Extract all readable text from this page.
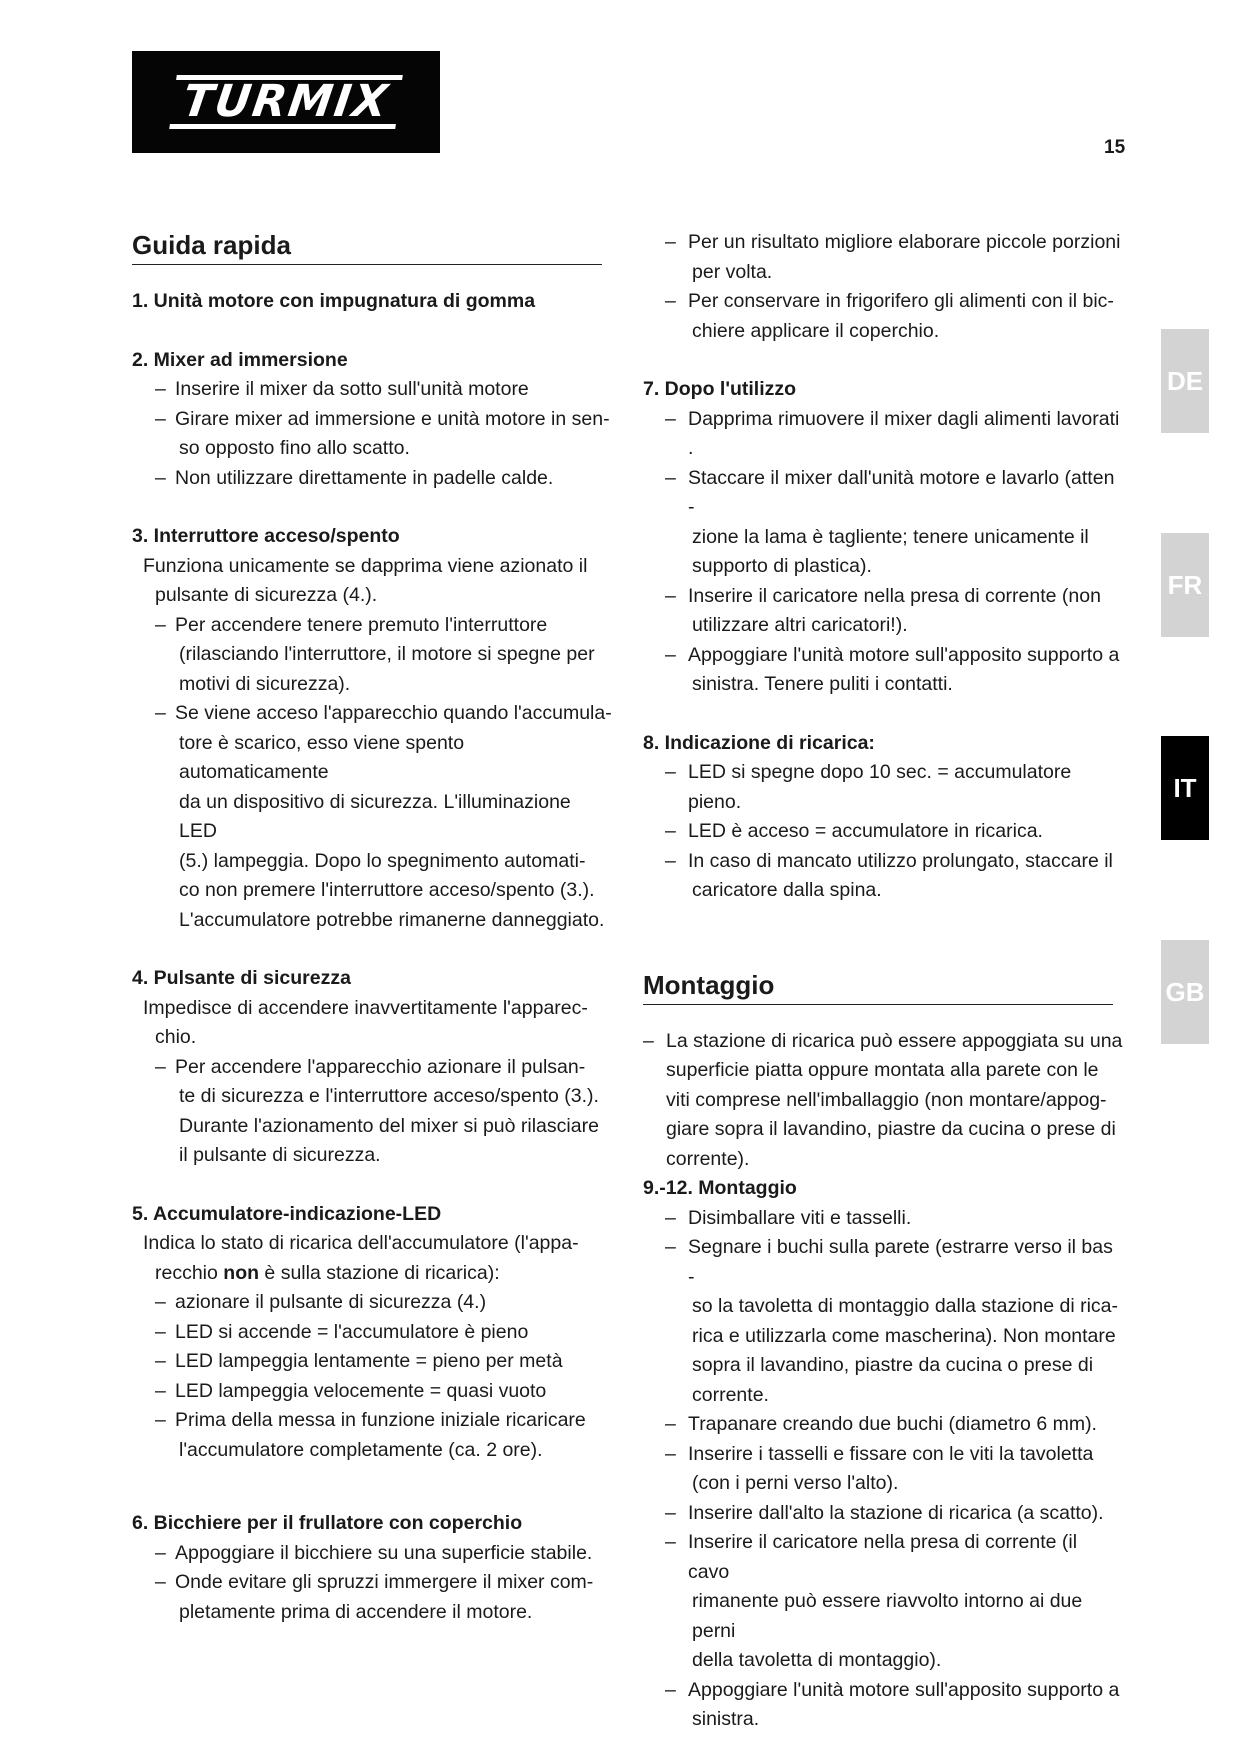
TURMIX
15
DE
FR
IT
GB
Guida rapida
1. Unità motore con impugnatura di gomma
2. Mixer ad immersione
– Inserire il mixer da sotto sull'unità motore
– Girare mixer ad immersione e unità motore in sen-
so opposto fino allo scatto.
– Non utilizzare direttamente in padelle calde.
3. Interruttore acceso/spento
Funziona unicamente se dapprima viene azionato il
pulsante di sicurezza (4.).
– Per accendere tenere premuto l'interruttore
(rilasciando l'interruttore, il motore si spegne per
motivi di sicurezza).
– Se viene acceso l'apparecchio quando l'accumula-
tore è scarico, esso viene spento automaticamente
da un dispositivo di sicurezza. L'illuminazione LED
(5.) lampeggia. Dopo lo spegnimento automati-
co non premere l'interruttore acceso/spento (3.).
L'accumulatore potrebbe rimanerne danneggiato.
4. Pulsante di sicurezza
Impedisce di accendere inavvertitamente l'apparec-
chio.
– Per accendere l'apparecchio azionare il pulsan-
te di sicurezza e l'interruttore acceso/spento (3.).
Durante l'azionamento del mixer si può rilasciare
il pulsante di sicurezza.
5. Accumulatore-indicazione-LED
Indica lo stato di ricarica dell'accumulatore (l'appa-
recchio non è sulla stazione di ricarica):
– azionare il pulsante di sicurezza (4.)
– LED si accende = l'accumulatore è pieno
– LED lampeggia lentamente = pieno per metà
– LED lampeggia velocemente = quasi vuoto
– Prima della messa in funzione iniziale ricaricare
l'accumulatore completamente (ca. 2 ore).
6. Bicchiere per il frullatore con coperchio
– Appoggiare il bicchiere su una superficie stabile.
– Onde evitare gli spruzzi immergere il mixer com-
pletamente prima di accendere il motore.
– Per un risultato migliore elaborare piccole porzioni
per volta.
– Per conservare in frigorifero gli alimenti con il bic-
chiere applicare il coperchio.
7. Dopo l'utilizzo
– Dapprima rimuovere il mixer dagli alimenti lavorati .
– Staccare il mixer dall'unità motore e lavarlo (atten -
zione la lama è tagliente; tenere unicamente il
supporto di plastica).
– Inserire il caricatore nella presa di corrente (non
utilizzare altri caricatori!).
– Appoggiare l'unità motore sull'apposito supporto a
sinistra. Tenere puliti i contatti.
8. Indicazione di ricarica:
– LED si spegne dopo 10 sec. = accumulatore pieno.
– LED è acceso = accumulatore in ricarica.
– In caso di mancato utilizzo prolungato, staccare il
caricatore dalla spina.
Montaggio
– La stazione di ricarica può essere appoggiata su una
superficie piatta oppure montata alla parete con le
viti comprese nell'imballaggio (non montare/appog-
giare sopra il lavandino, piastre da cucina o prese di
corrente).
9.-12. Montaggio
– Disimballare viti e tasselli.
– Segnare i buchi sulla parete (estrarre verso il bas -
so la tavoletta di montaggio dalla stazione di rica-
rica e utilizzarla come mascherina). Non montare
sopra il lavandino, piastre da cucina o prese di
corrente.
– Trapanare creando due buchi (diametro 6 mm).
– Inserire i tasselli e fissare con le viti la tavoletta
(con i perni verso l'alto).
– Inserire dall'alto la stazione di ricarica (a scatto).
– Inserire il caricatore nella presa di corrente (il cavo
rimanente può essere riavvolto intorno ai due perni
della tavoletta di montaggio).
– Appoggiare l'unità motore sull'apposito supporto a
sinistra.
